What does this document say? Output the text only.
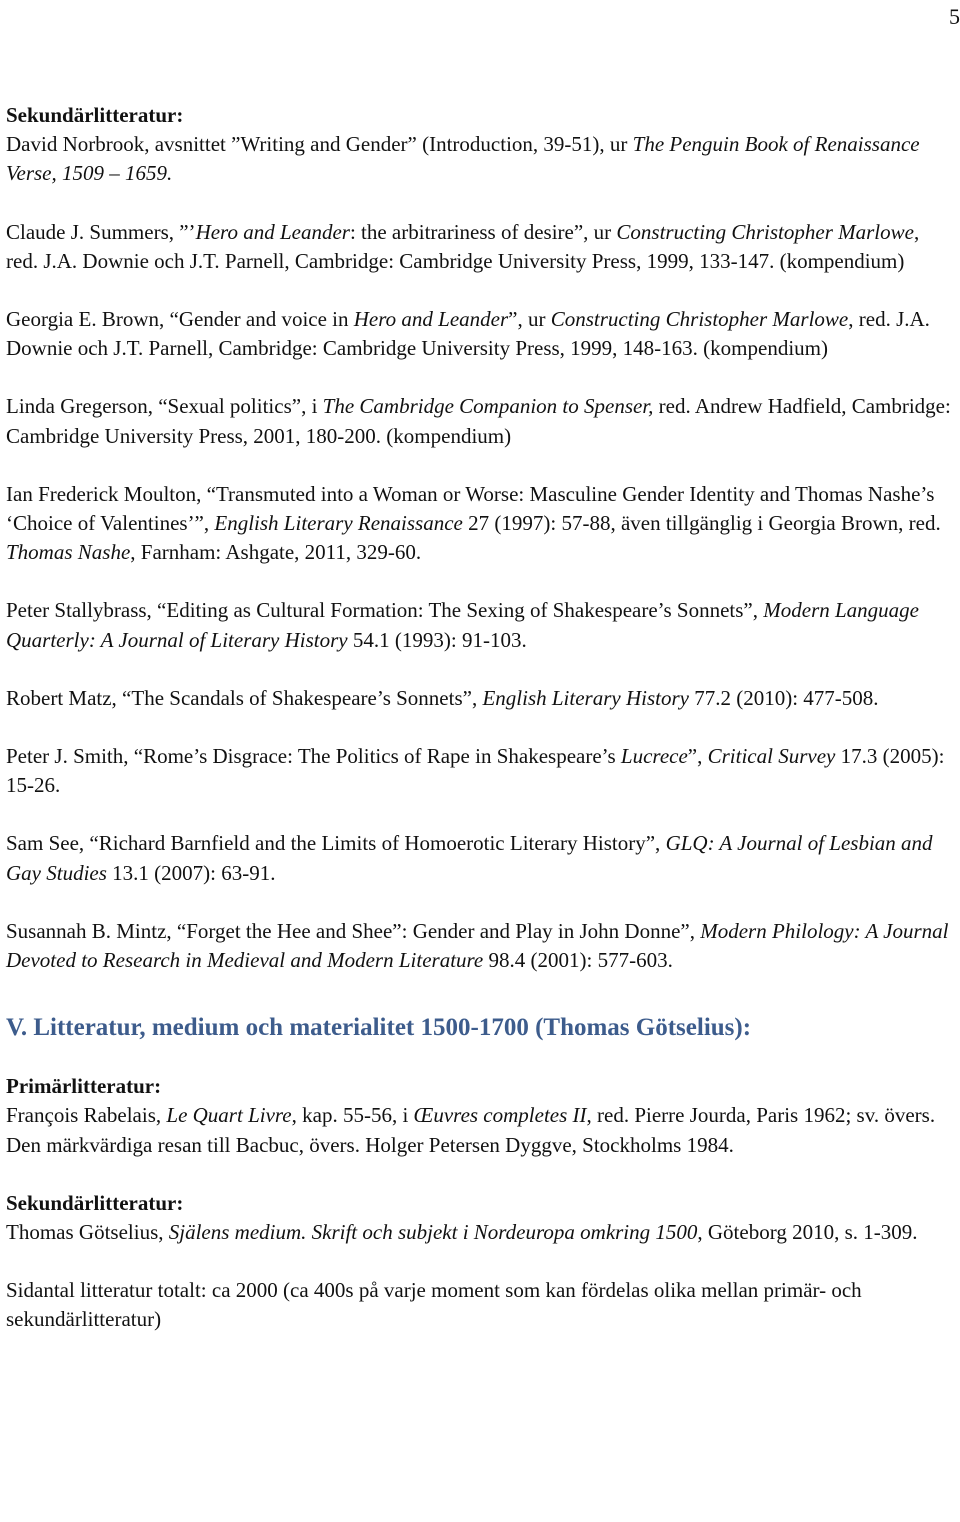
5
Sekundärlitteratur:

David Norbrook, avsnittet ”Writing and Gender” (Introduction, 39-51), ur The Penguin Book of Renaissance Verse, 1509 – 1659.

Claude J. Summers, ”’Hero and Leander: the arbitrariness of desire”, ur Constructing Christopher Marlowe, red. J.A. Downie och J.T. Parnell, Cambridge: Cambridge University Press, 1999, 133-147. (kompendium)

Georgia E. Brown, “Gender and voice in Hero and Leander”, ur Constructing Christopher Marlowe, red. J.A. Downie och J.T. Parnell, Cambridge: Cambridge University Press, 1999, 148-163. (kompendium)

Linda Gregerson, “Sexual politics”, i The Cambridge Companion to Spenser, red. Andrew Hadfield, Cambridge: Cambridge University Press, 2001, 180-200. (kompendium)

Ian Frederick Moulton, “Transmuted into a Woman or Worse: Masculine Gender Identity and Thomas Nashe’s ‘Choice of Valentines’”, English Literary Renaissance 27 (1997): 57-88, även tillgänglig i Georgia Brown, red. Thomas Nashe, Farnham: Ashgate, 2011, 329-60.

Peter Stallybrass, “Editing as Cultural Formation: The Sexing of Shakespeare’s Sonnets”, Modern Language Quarterly: A Journal of Literary History 54.1 (1993): 91-103.

Robert Matz, “The Scandals of Shakespeare’s Sonnets”, English Literary History 77.2 (2010): 477-508.

Peter J. Smith, “Rome’s Disgrace: The Politics of Rape in Shakespeare’s Lucrece”, Critical Survey 17.3 (2005): 15-26.

Sam See, “Richard Barnfield and the Limits of Homoerotic Literary History”, GLQ: A Journal of Lesbian and Gay Studies 13.1 (2007): 63-91.

Susannah B. Mintz, “Forget the Hee and Shee”: Gender and Play in John Donne”, Modern Philology: A Journal Devoted to Research in Medieval and Modern Literature 98.4 (2001): 577-603.

V. Litteratur, medium och materialitet 1500-1700 (Thomas Götselius):
Primärlitteratur:

François Rabelais, Le Quart Livre, kap. 55-56, i Œuvres completes II, red. Pierre Jourda, Paris 1962; sv. övers. Den märkvärdiga resan till Bacbuc, övers. Holger Petersen Dyggve, Stockholms 1984.

Sekundärlitteratur:

Thomas Götselius, Själens medium. Skrift och subjekt i Nordeuropa omkring 1500, Göteborg 2010, s. 1-309.

Sidantal litteratur totalt: ca 2000 (ca 400s på varje moment som kan fördelas olika mellan primär- och sekundärlitteratur)
